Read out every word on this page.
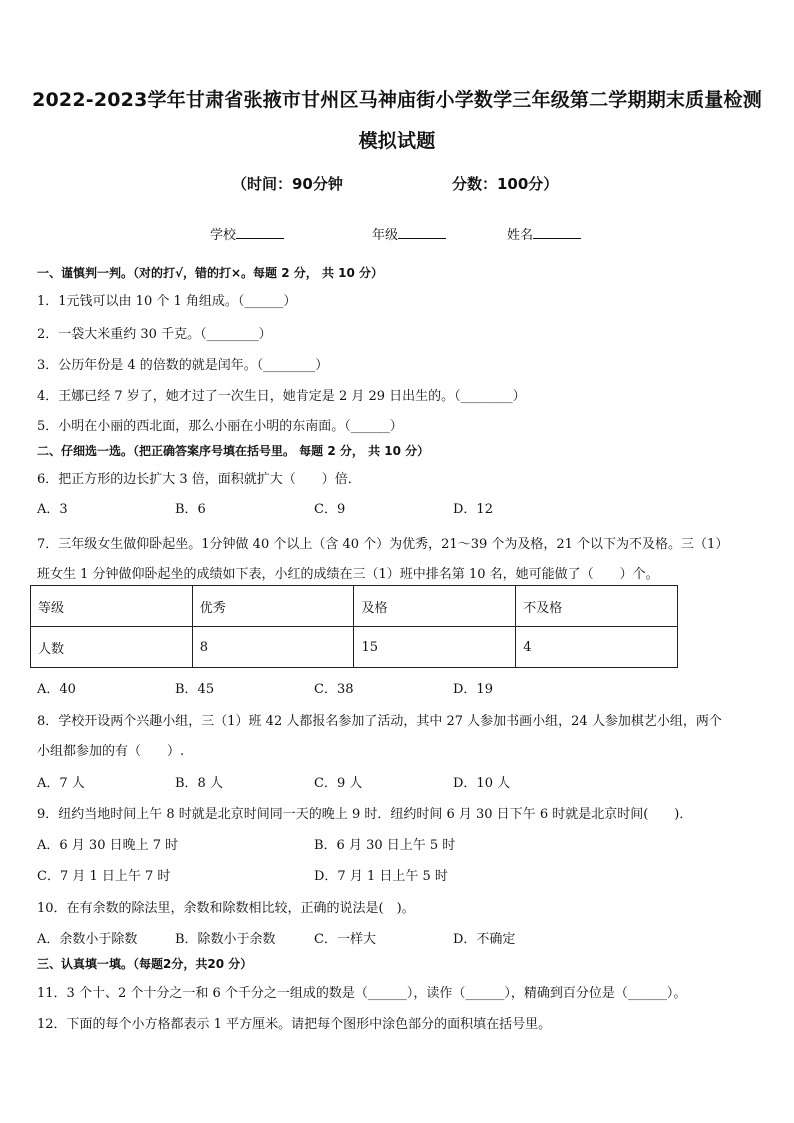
2022-2023学年甘肃省张掖市甘州区马神庙街小学数学三年级第二学期期末质量检测
模拟试题
（时间：90分钟	分数：100分）
学校	年级	姓名
一、谨慎判一判。（对的打√，错的打×。每题 2 分， 共 10 分）
1．1元钱可以由 10 个 1 角组成。（______）
2．一袋大米重约 30 千克。（________）
3．公历年份是 4 的倍数的就是闰年。（________）
4．王娜已经 7 岁了，她才过了一次生日，她肯定是 2 月 29 日出生的。（________）
5．小明在小丽的西北面，那么小丽在小明的东南面。（______）
二、仔细选一选。（把正确答案序号填在括号里。 每题 2 分， 共 10 分）
6．把正方形的边长扩大 3 倍，面积就扩大（　　）倍．
A．3	B．6	C．9	D．12
7．三年级女生做仰卧起坐。1分钟做 40 个以上（含 40 个）为优秀，21～39 个为及格，21 个以下为不及格。三（1）
班女生 1 分钟做仰卧起坐的成绩如下表，小红的成绩在三（1）班中排名第 10 名，她可能做了（　　）个。
等级	优秀	及格	不及格
人数	8	15	4
A．40	B．45	C．38	D．19
8．学校开设两个兴趣小组，三（1）班 42 人都报名参加了活动，其中 27 人参加书画小组，24 人参加棋艺小组，两个
小组都参加的有（　　）.
A．7 人	B．8 人	C．9 人	D．10 人
9．纽约当地时间上午 8 时就是北京时间同一天的晚上 9 时．纽约时间 6 月 30 日下午 6 时就是北京时间(　　)．
A．6 月 30 日晚上 7 时	B．6 月 30 日上午 5 时
C．7 月 1 日上午 7 时	D．7 月 1 日上午 5 时
10．在有余数的除法里，余数和除数相比较，正确的说法是(　)。
A．余数小于除数	B．除数小于余数	C．一样大	D．不确定
三、认真填一填。（每题2分，共20 分）
11．3 个十、2 个十分之一和 6 个千分之一组成的数是（______），读作（______），精确到百分位是（______）。
12．下面的每个小方格都表示 1 平方厘米。请把每个图形中涂色部分的面积填在括号里。
